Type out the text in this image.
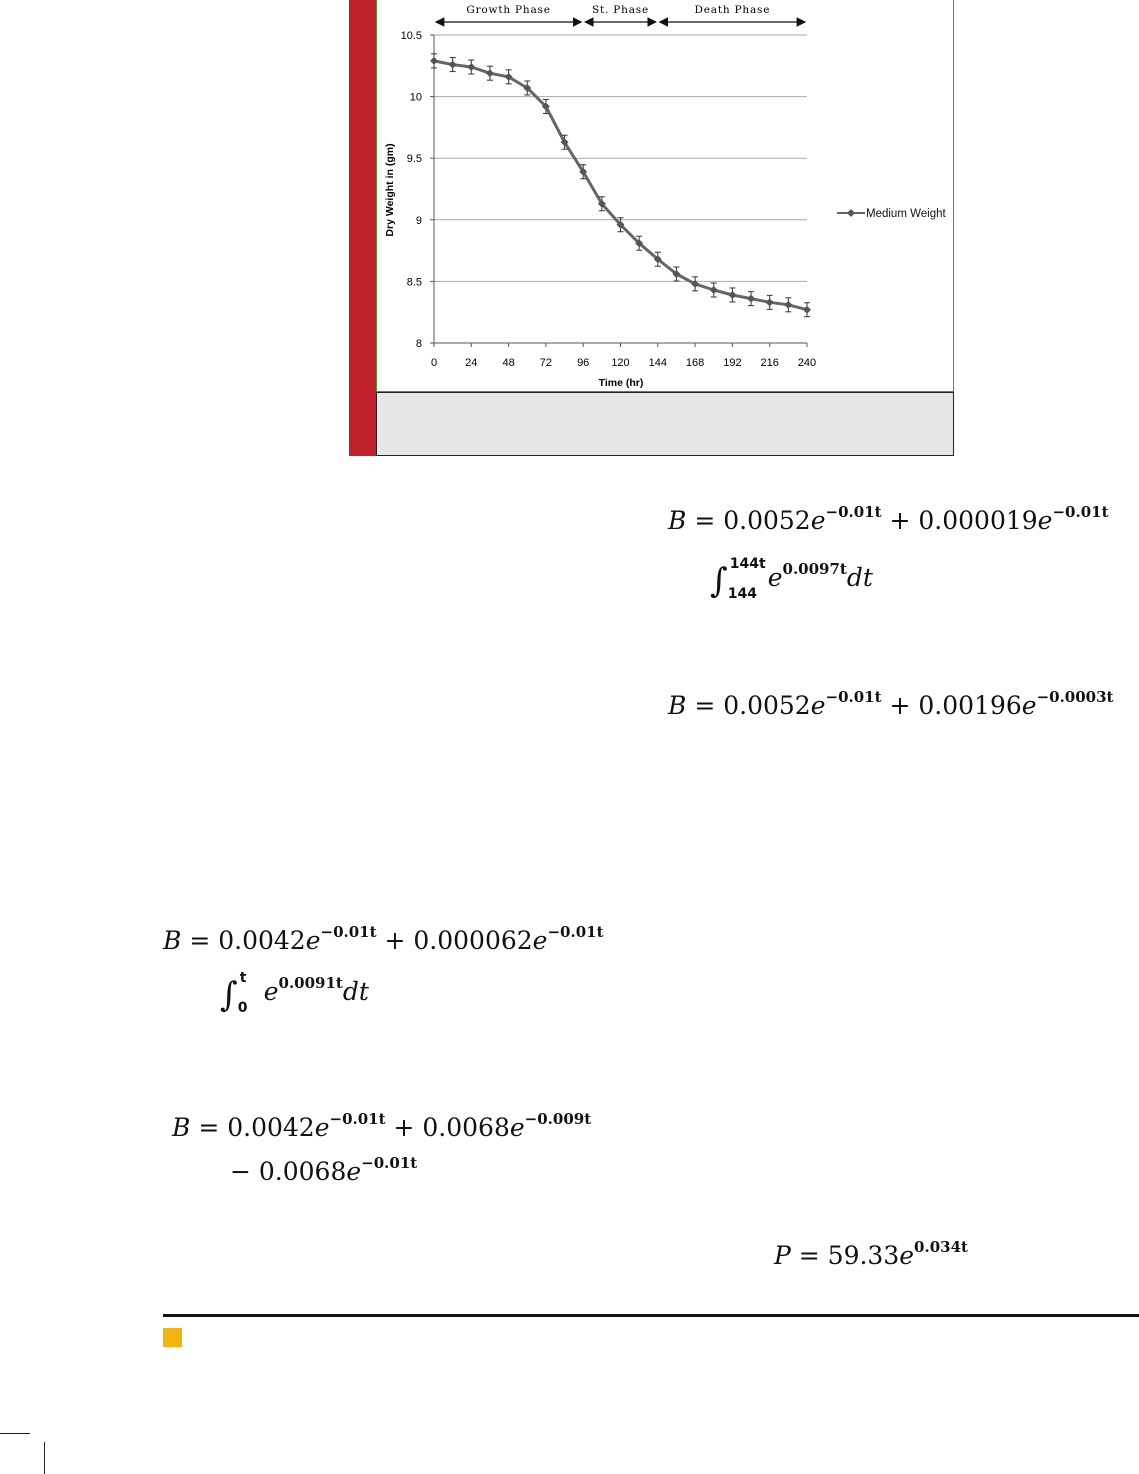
Growth Phase	St. Phase	Death Phase
8
8.5
9
9.5
10
10.5
0	24 48 72 96 120 144 168 192 216 240
Medium Weight
Time (hr)
Dry Weight in (gm)
$B = 0.0052e^{-0.01t} + 0.000019e^{-0.01t}$
∫ 144t
144
$e^{0.0097t}dt$
$B = 0.0052e^{-0.01t} + 0.00196e^{-0.0003t}$
$B = 0.0042e^{-0.01t} + 0.000062e^{-0.01t}$
∫ t
0
$e^{0.0091t}dt$
$B = 0.0042e^{-0.01t} + 0.0068e^{-0.009t}$
− $0.0068e^{-0.01t}$
$P = 59.33e^{0.034t}$
